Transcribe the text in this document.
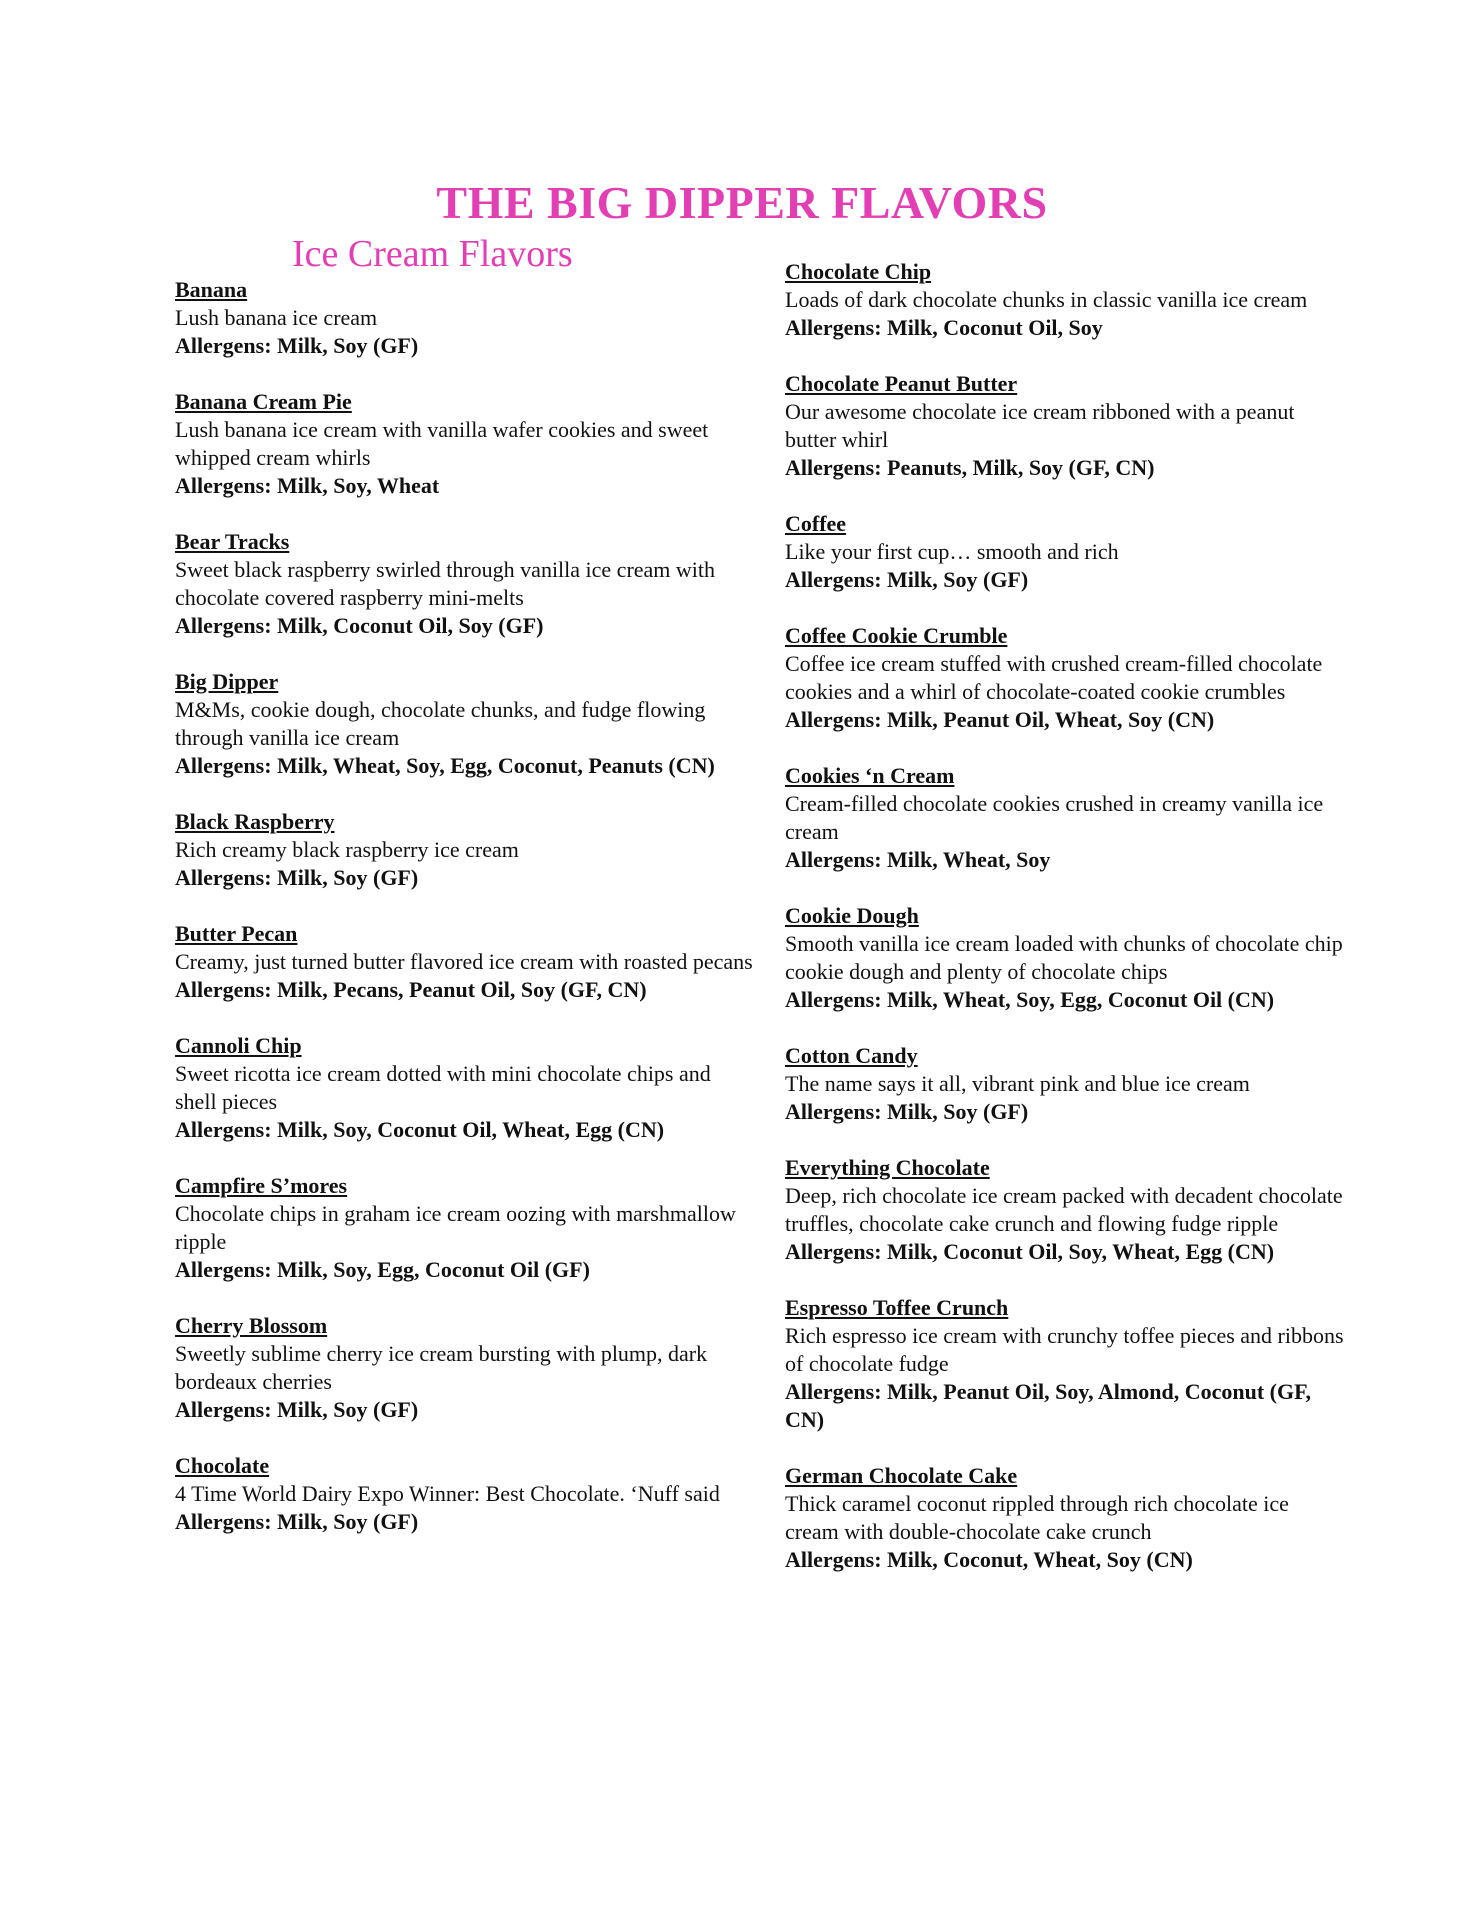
THE BIG DIPPER FLAVORS
Ice Cream Flavors
Banana
Lush banana ice cream
Allergens: Milk, Soy (GF)
Banana Cream Pie
Lush banana ice cream with vanilla wafer cookies and sweet whipped cream whirls
Allergens: Milk, Soy, Wheat
Bear Tracks
Sweet black raspberry swirled through vanilla ice cream with chocolate covered raspberry mini-melts
Allergens: Milk, Coconut Oil, Soy (GF)
Big Dipper
M&Ms, cookie dough, chocolate chunks, and fudge flowing through vanilla ice cream
Allergens: Milk, Wheat, Soy, Egg, Coconut, Peanuts (CN)
Black Raspberry
Rich creamy black raspberry ice cream
Allergens: Milk, Soy (GF)
Butter Pecan
Creamy, just turned butter flavored ice cream with roasted pecans
Allergens: Milk, Pecans, Peanut Oil, Soy (GF, CN)
Cannoli Chip
Sweet ricotta ice cream dotted with mini chocolate chips and shell pieces
Allergens: Milk, Soy, Coconut Oil, Wheat, Egg (CN)
Campfire S’mores
Chocolate chips in graham ice cream oozing with marshmallow ripple
Allergens: Milk, Soy, Egg, Coconut Oil (GF)
Cherry Blossom
Sweetly sublime cherry ice cream bursting with plump, dark bordeaux cherries
Allergens: Milk, Soy (GF)
Chocolate
4 Time World Dairy Expo Winner: Best Chocolate. ‘Nuff said
Allergens: Milk, Soy (GF)
Chocolate Chip
Loads of dark chocolate chunks in classic vanilla ice cream
Allergens: Milk, Coconut Oil, Soy
Chocolate Peanut Butter
Our awesome chocolate ice cream ribboned with a peanut butter whirl
Allergens: Peanuts, Milk, Soy (GF, CN)
Coffee
Like your first cup… smooth and rich
Allergens: Milk, Soy (GF)
Coffee Cookie Crumble
Coffee ice cream stuffed with crushed cream-filled chocolate cookies and a whirl of chocolate-coated cookie crumbles
Allergens: Milk, Peanut Oil, Wheat, Soy (CN)
Cookies ‘n Cream
Cream-filled chocolate cookies crushed in creamy vanilla ice cream
Allergens: Milk, Wheat, Soy
Cookie Dough
Smooth vanilla ice cream loaded with chunks of chocolate chip cookie dough and plenty of chocolate chips
Allergens: Milk, Wheat, Soy, Egg, Coconut Oil (CN)
Cotton Candy
The name says it all, vibrant pink and blue ice cream
Allergens: Milk, Soy (GF)
Everything Chocolate
Deep, rich chocolate ice cream packed with decadent chocolate truffles, chocolate cake crunch and flowing fudge ripple
Allergens: Milk, Coconut Oil, Soy, Wheat, Egg (CN)
Espresso Toffee Crunch
Rich espresso ice cream with crunchy toffee pieces and ribbons of chocolate fudge
Allergens: Milk, Peanut Oil, Soy, Almond, Coconut (GF, CN)
German Chocolate Cake
Thick caramel coconut rippled through rich chocolate ice cream with double-chocolate cake crunch
Allergens: Milk, Coconut, Wheat, Soy (CN)
